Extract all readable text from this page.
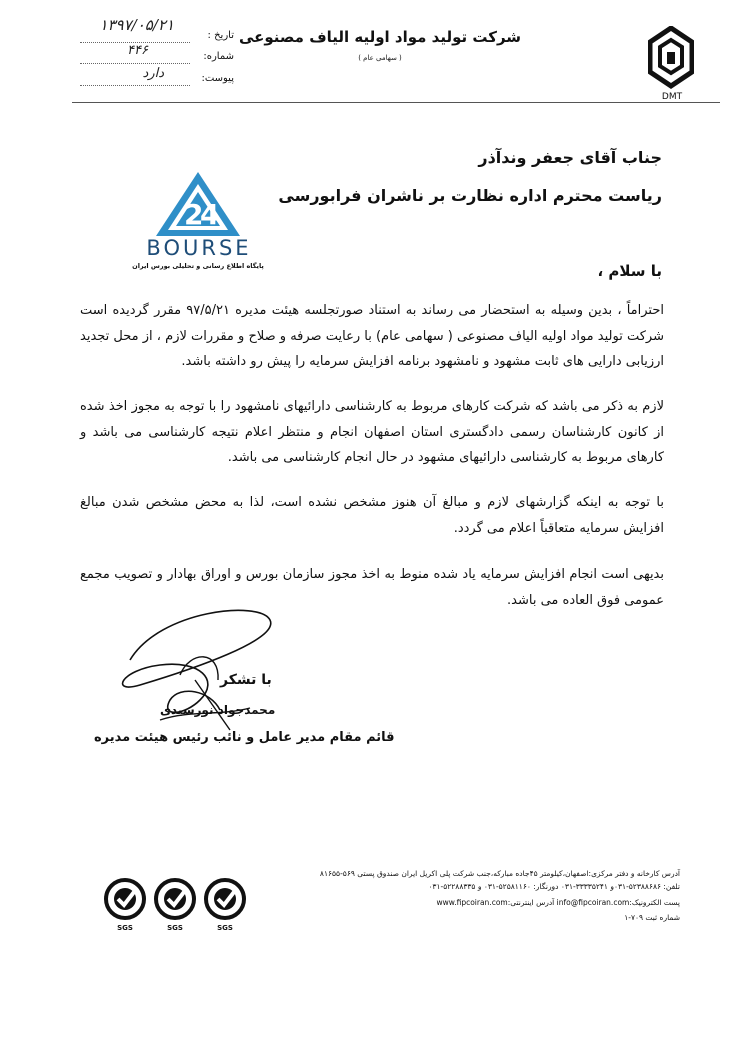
شرکت تولید مواد اولیه الیاف مصنوعی
( سهامی عام )
DMT
تاریخ :
۱۳۹۷/۰۵/۲۱
شماره:
۴۴۶
پیوست:
دارد
جناب آقای جعفر وندآذر
ریاست محترم اداره نظارت بر ناشران فرابورسی
2
4
BOURSE
پایگاه اطلاع رسانی و تحلیلی بورس ایران	با سلام ،
احتراماً ، بدین وسیله به استحضار می رساند به استناد صورتجلسه هیئت مدیره ۹۷/۵/۲۱ مقرر گردیده است شرکت تولید مواد اولیه الیاف مصنوعی ( سهامی عام) با رعایت صرفه و صلاح و مقررات لازم ، از محل تجدید ارزیابی دارایی های ثابت مشهود و نامشهود برنامه افزایش سرمایه را پیش رو داشته باشد.
لازم به ذکر می باشد که شرکت کارهای مربوط به کارشناسی دارائیهای نامشهود را با توجه به مجوز اخذ شده از کانون کارشناسان رسمی دادگستری استان اصفهان انجام و منتظر اعلام نتیجه کارشناسی می باشد و کارهای مربوط به کارشناسی دارائیهای مشهود در حال انجام کارشناسی می باشد.
با توجه به اینکه گزارشهای لازم و مبالغ آن هنوز مشخص نشده است، لذا به محض مشخص شدن مبالغ افزایش سرمایه متعاقباً اعلام می گردد.
بدیهی است انجام افزایش سرمایه یاد شده منوط به اخذ مجوز سازمان بورس و اوراق بهادار و تصویب مجمع عمومی فوق العاده می باشد.
با تشکر
محمدجواد نورسیدی
قائم مقام مدیر عامل و نائب رئیس هیئت مدیره
SGS	SGS	SGS
آدرس کارخانه و دفتر مرکزی:اصفهان،کیلومتر ۴۵جاده مبارکه،جنب شرکت پلی اکریل ایران صندوق پستی ۵۶۹-۸۱۶۵۵
تلفن: ۵۲۳۸۸۶۸۶-۰۳۱و ۳۳۳۳۵۲۴۱-۰۳۱ دورنگار: ۵۲۵۸۱۱۶۰-۰۳۱ و ۵۲۲۸۸۳۳۵-۰۳۱
پست الکترونیک:info@fipcoiran.com آدرس اینترنتی:www.fipcoiran.com
شماره ثبت ۷۰۹-۱
